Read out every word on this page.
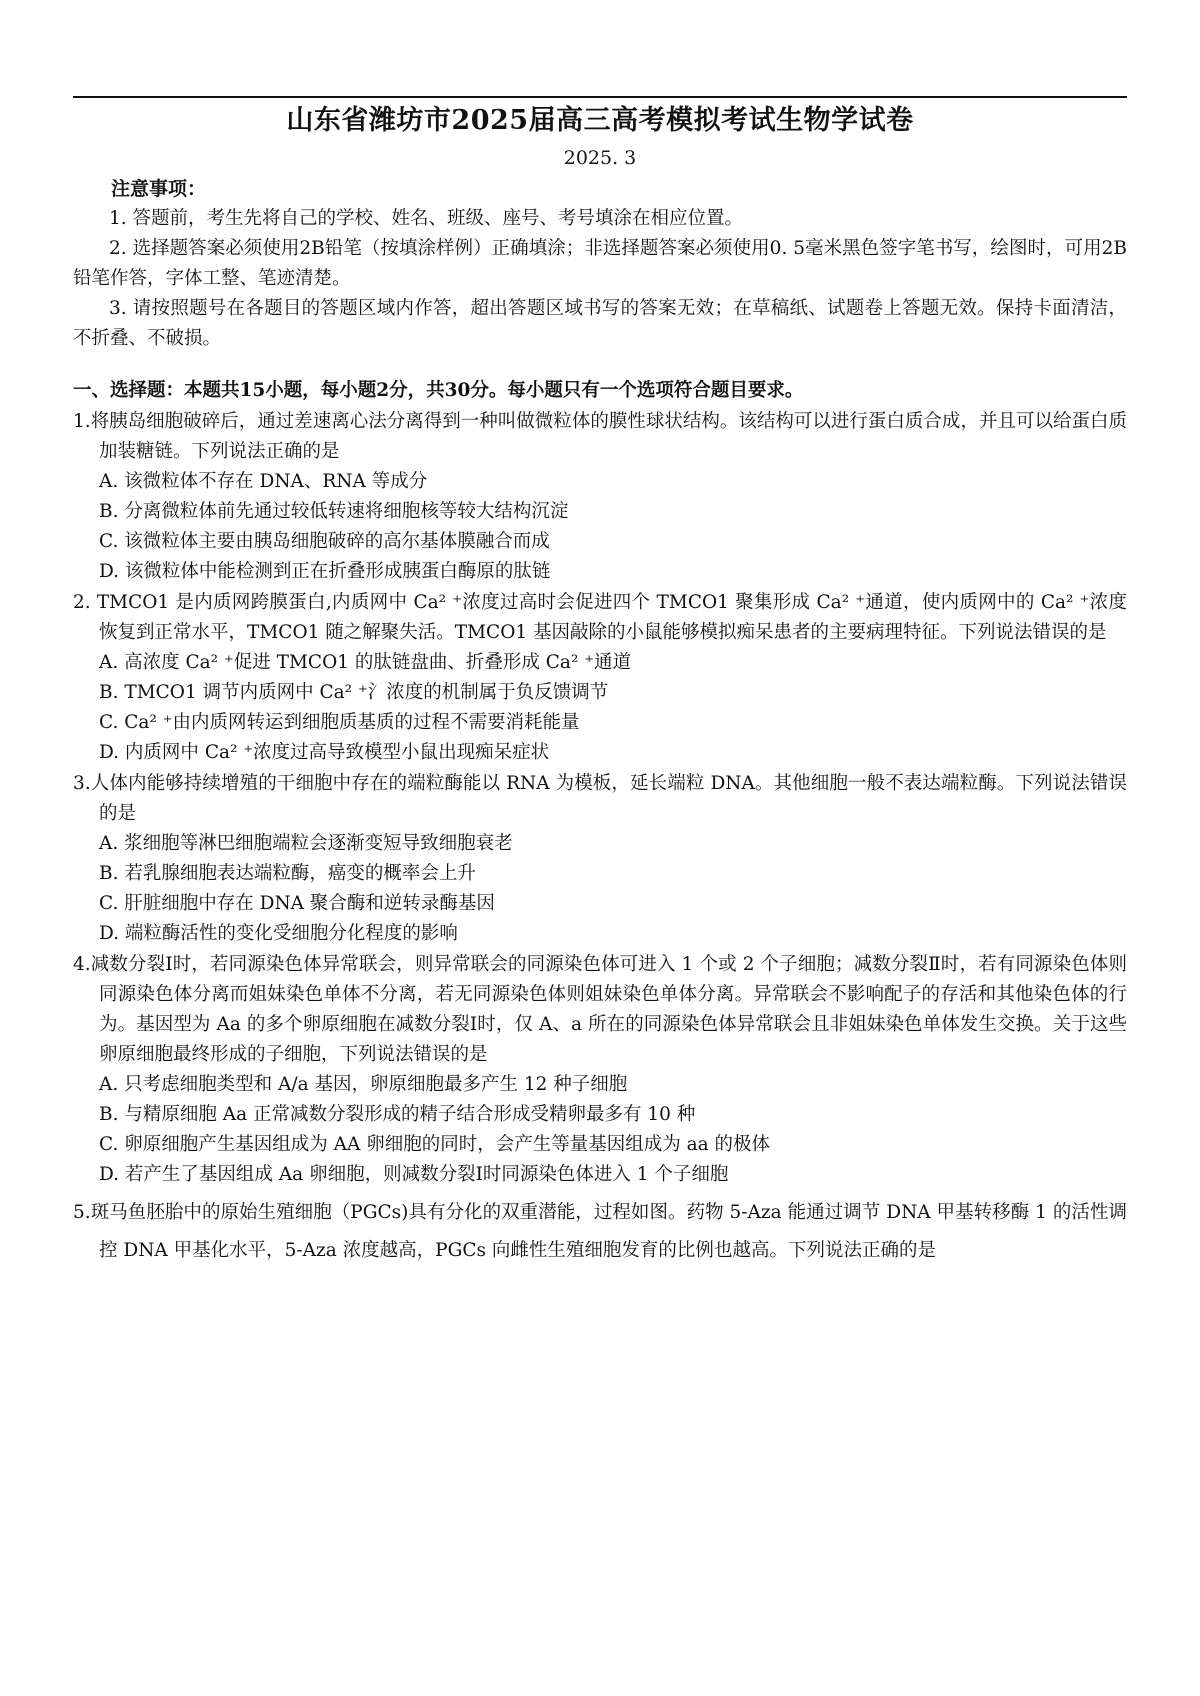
山东省潍坊市2025届高三高考模拟考试生物学试卷
2025. 3
注意事项：
1. 答题前，考生先将自己的学校、姓名、班级、座号、考号填涂在相应位置。
2. 选择题答案必须使用2B铅笔（按填涂样例）正确填涂；非选择题答案必须使用0. 5毫米黑色签字笔书写，绘图时，可用2B铅笔作答，字体工整、笔迹清楚。
3. 请按照题号在各题目的答题区域内作答，超出答题区域书写的答案无效；在草稿纸、试题卷上答题无效。保持卡面清洁，不折叠、不破损。
一、选择题：本题共15小题，每小题2分，共30分。每小题只有一个选项符合题目要求。
1.将胰岛细胞破碎后，通过差速离心法分离得到一种叫做微粒体的膜性球状结构。该结构可以进行蛋白质合成，并且可以给蛋白质加装糖链。下列说法正确的是
A. 该微粒体不存在 DNA、RNA 等成分
B. 分离微粒体前先通过较低转速将细胞核等较大结构沉淀
C. 该微粒体主要由胰岛细胞破碎的高尔基体膜融合而成
D. 该微粒体中能检测到正在折叠形成胰蛋白酶原的肽链
2. TMCO1 是内质网跨膜蛋白,内质网中 Ca² ⁺浓度过高时会促进四个 TMCO1 聚集形成 Ca² ⁺通道，使内质网中的 Ca² ⁺浓度恢复到正常水平，TMCO1 随之解聚失活。TMCO1 基因敲除的小鼠能够模拟痴呆患者的主要病理特征。下列说法错误的是
A. 高浓度 Ca² ⁺促进 TMCO1 的肽链盘曲、折叠形成 Ca² ⁺通道
B. TMCO1 调节内质网中 Ca² ⁺氵浓度的机制属于负反馈调节
C. Ca² ⁺由内质网转运到细胞质基质的过程不需要消耗能量
D. 内质网中 Ca² ⁺浓度过高导致模型小鼠出现痴呆症状
3.人体内能够持续增殖的干细胞中存在的端粒酶能以 RNA 为模板，延长端粒 DNA。其他细胞一般不表达端粒酶。下列说法错误的是
A. 浆细胞等淋巴细胞端粒会逐渐变短导致细胞衰老
B. 若乳腺细胞表达端粒酶，癌变的概率会上升
C. 肝脏细胞中存在 DNA 聚合酶和逆转录酶基因
D. 端粒酶活性的变化受细胞分化程度的影响
4.减数分裂Ⅰ时，若同源染色体异常联会，则异常联会的同源染色体可进入 1 个或 2 个子细胞；减数分裂Ⅱ时，若有同源染色体则同源染色体分离而姐妹染色单体不分离，若无同源染色体则姐妹染色单体分离。异常联会不影响配子的存活和其他染色体的行为。基因型为 Aa 的多个卵原细胞在减数分裂Ⅰ时，仅 A、a 所在的同源染色体异常联会且非姐妹染色单体发生交换。关于这些卵原细胞最终形成的子细胞，下列说法错误的是
A. 只考虑细胞类型和 A/a 基因，卵原细胞最多产生 12 种子细胞
B. 与精原细胞 Aa 正常减数分裂形成的精子结合形成受精卵最多有 10 种
C. 卵原细胞产生基因组成为 AA 卵细胞的同时，会产生等量基因组成为 aa 的极体
D. 若产生了基因组成 Aa 卵细胞，则减数分裂Ⅰ时同源染色体进入 1 个子细胞
5.斑马鱼胚胎中的原始生殖细胞（PGCs)具有分化的双重潜能，过程如图。药物 5-Aza 能通过调节 DNA 甲基转移酶 1 的活性调控 DNA 甲基化水平，5-Aza 浓度越高，PGCs 向雌性生殖细胞发育的比例也越高。下列说法正确的是
